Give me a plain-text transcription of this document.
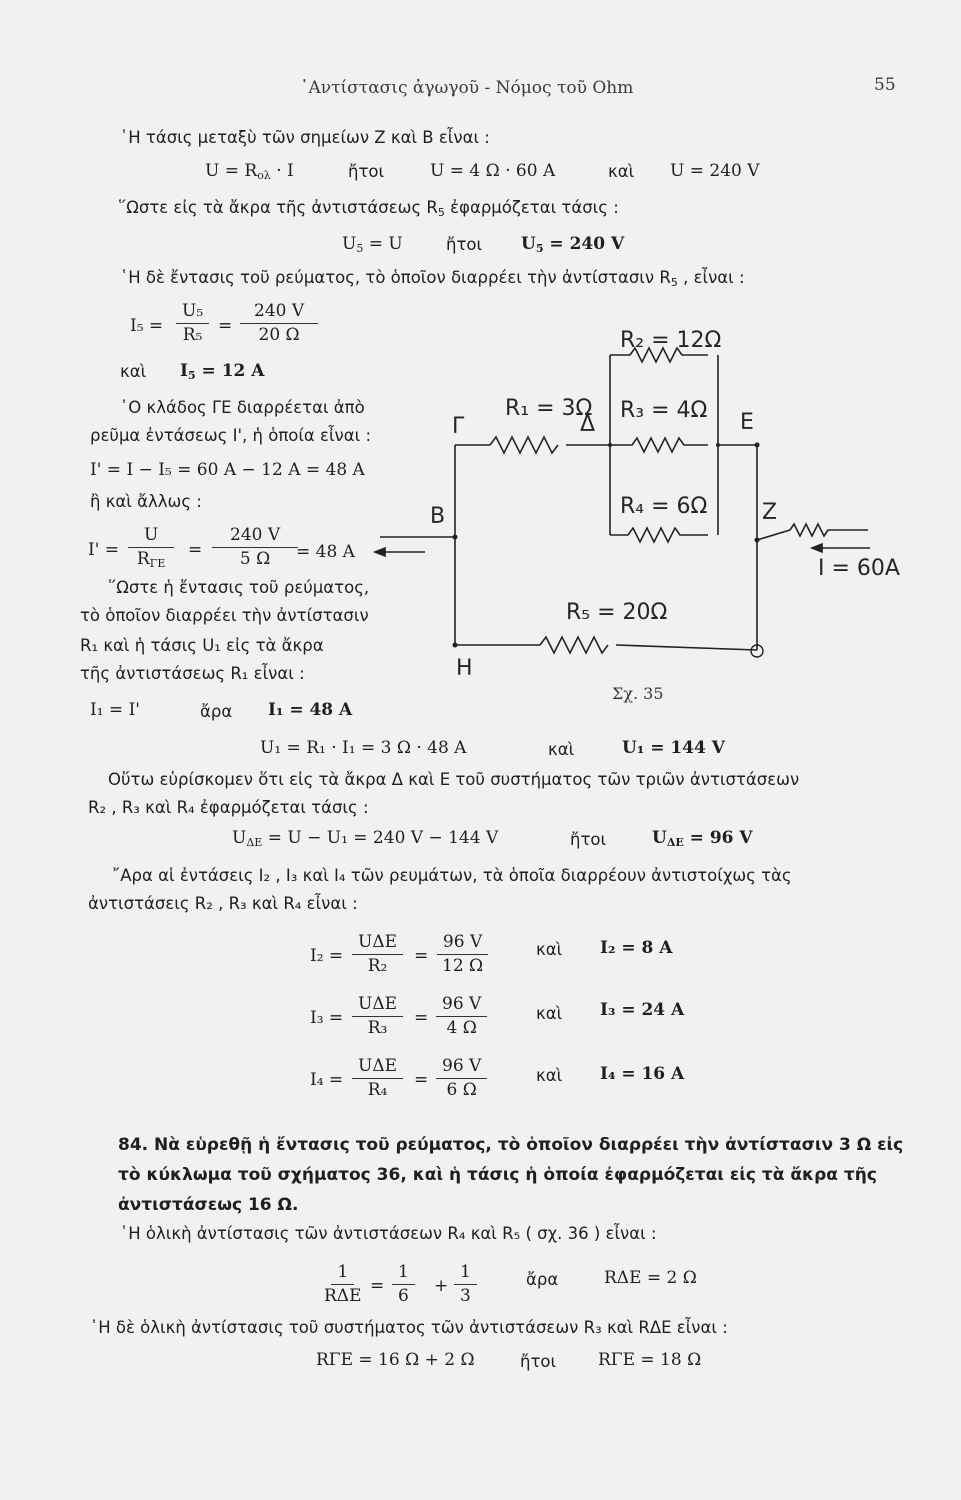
᾿Αντίστασις ἀγωγοῦ - Νόμος τοῦ Ohm	55
῾Η τάσις μεταξὺ τῶν σημείων Ζ καὶ Β εἶναι :
$U = R_{o\lambda} \cdot I$	ἤτοι	U = 4 Ω · 60 A	καὶ U = 240 V
῞Ωστε εἰς τὰ ἄκρα τῆς ἀντιστάσεως $R_5$ ἐφαρμόζεται τάσις :
$U_5 = U$	ἤτοι $U_5 = 240$ V
῾Η δὲ ἔντασις τοῦ ρεύματος, τὸ ὁποῖον διαρρέει τὴν ἀντίστασιν $R_5$ , εἶναι :
$I_5 = \frac{\text{U₅}}{\text{R₅}} = \frac{240 V}{20 \Omega}$
καὶ $I_5 = 12$ A
῾Ο κλάδος ΓΕ διαρρέεται ἀπὸ
ρεῦμα ἐντάσεως I', ἡ ὁποία εἶναι :
I' = I − I₅ = 60 A − 12 A = 48 A
ἢ καὶ ἄλλως :
I' =
U
$R_{\Gamma E}$
= $\frac{240 V}{5 \Omega}$
= 48 A
῞Ωστε ἡ ἔντασις τοῦ ρεύματος,
τὸ ὁποῖον διαρρέει τὴν ἀντίστασιν
R₁ καὶ ἡ τάσις U₁ εἰς τὰ ἄκρα
τῆς ἀντιστάσεως R₁ εἶναι :
I₁ = I'	ἄρα I₁ = 48 A
U₁ = R₁ · I₁ = 3 Ω · 48 A	καὶ	U₁ = 144 V
Οὕτω εὑρίσκομεν ὅτι εἰς τὰ ἄκρα Δ καὶ Ε τοῦ συστήματος τῶν τριῶν ἀντιστάσεων
R₂ , R₃ καὶ R₄ ἐφαρμόζεται τάσις :
$U_{\Delta E} = U - U_1 = 240$ V − 144 V	ἤτοι	$U_{\Delta E} = 96$ V
῎Αρα αἱ ἐντάσεις I₂ , I₃ καὶ I₄ τῶν ρευμάτων, τὰ ὁποῖα διαρρέουν ἀντιστοίχως τὰς
ἀντιστάσεις R₂ , R₃ καὶ R₄ εἶναι :
I₂ =
UΔΕ
R₂	= $\frac{96 V}{12 \Omega}$	καὶ I₂ = 8 A
I₃ =
UΔΕ
R₃	= $\frac{96 V}{4 \Omega}$	καὶ I₃ = 24 A
I₄ =
UΔΕ
R₄	= $\frac{96 V}{6 \Omega}$	καὶ I₄ = 16 A
84. Νὰ εὑρεθῇ ἡ ἔντασις τοῦ ρεύματος, τὸ ὁποῖον διαρρέει τὴν ἀντίστασιν 3 Ω εἰς τὸ κύκλωμα τοῦ σχήματος 36, καὶ ἡ τάσις ἡ ὁποία ἐφαρμόζεται εἰς τὰ ἄκρα τῆς ἀντιστάσεως 16 Ω.
῾Η ὁλικὴ ἀντίστασις τῶν ἀντιστάσεων R₄ καὶ R₅ ( σχ. 36 ) εἶναι :
1
$R\Delta E = \frac{1}{6} + \frac{1}{3}$	ἄρα	RΔΕ = 2 Ω
῾Η δὲ ὁλικὴ ἀντίστασις τοῦ συστήματος τῶν ἀντιστάσεων R₃ καὶ RΔΕ εἶναι :
RΓΕ = 16 Ω + 2 Ω	ἤτοι RΓΕ = 18 Ω
R₂ = 12Ω
R₁ = 3Ω
Δ
R₃ = 4Ω
R₄ = 6Ω
R₅ = 20Ω
Γ	Ε
Β	Ζ
Η
I = 60A
Σχ. 35
